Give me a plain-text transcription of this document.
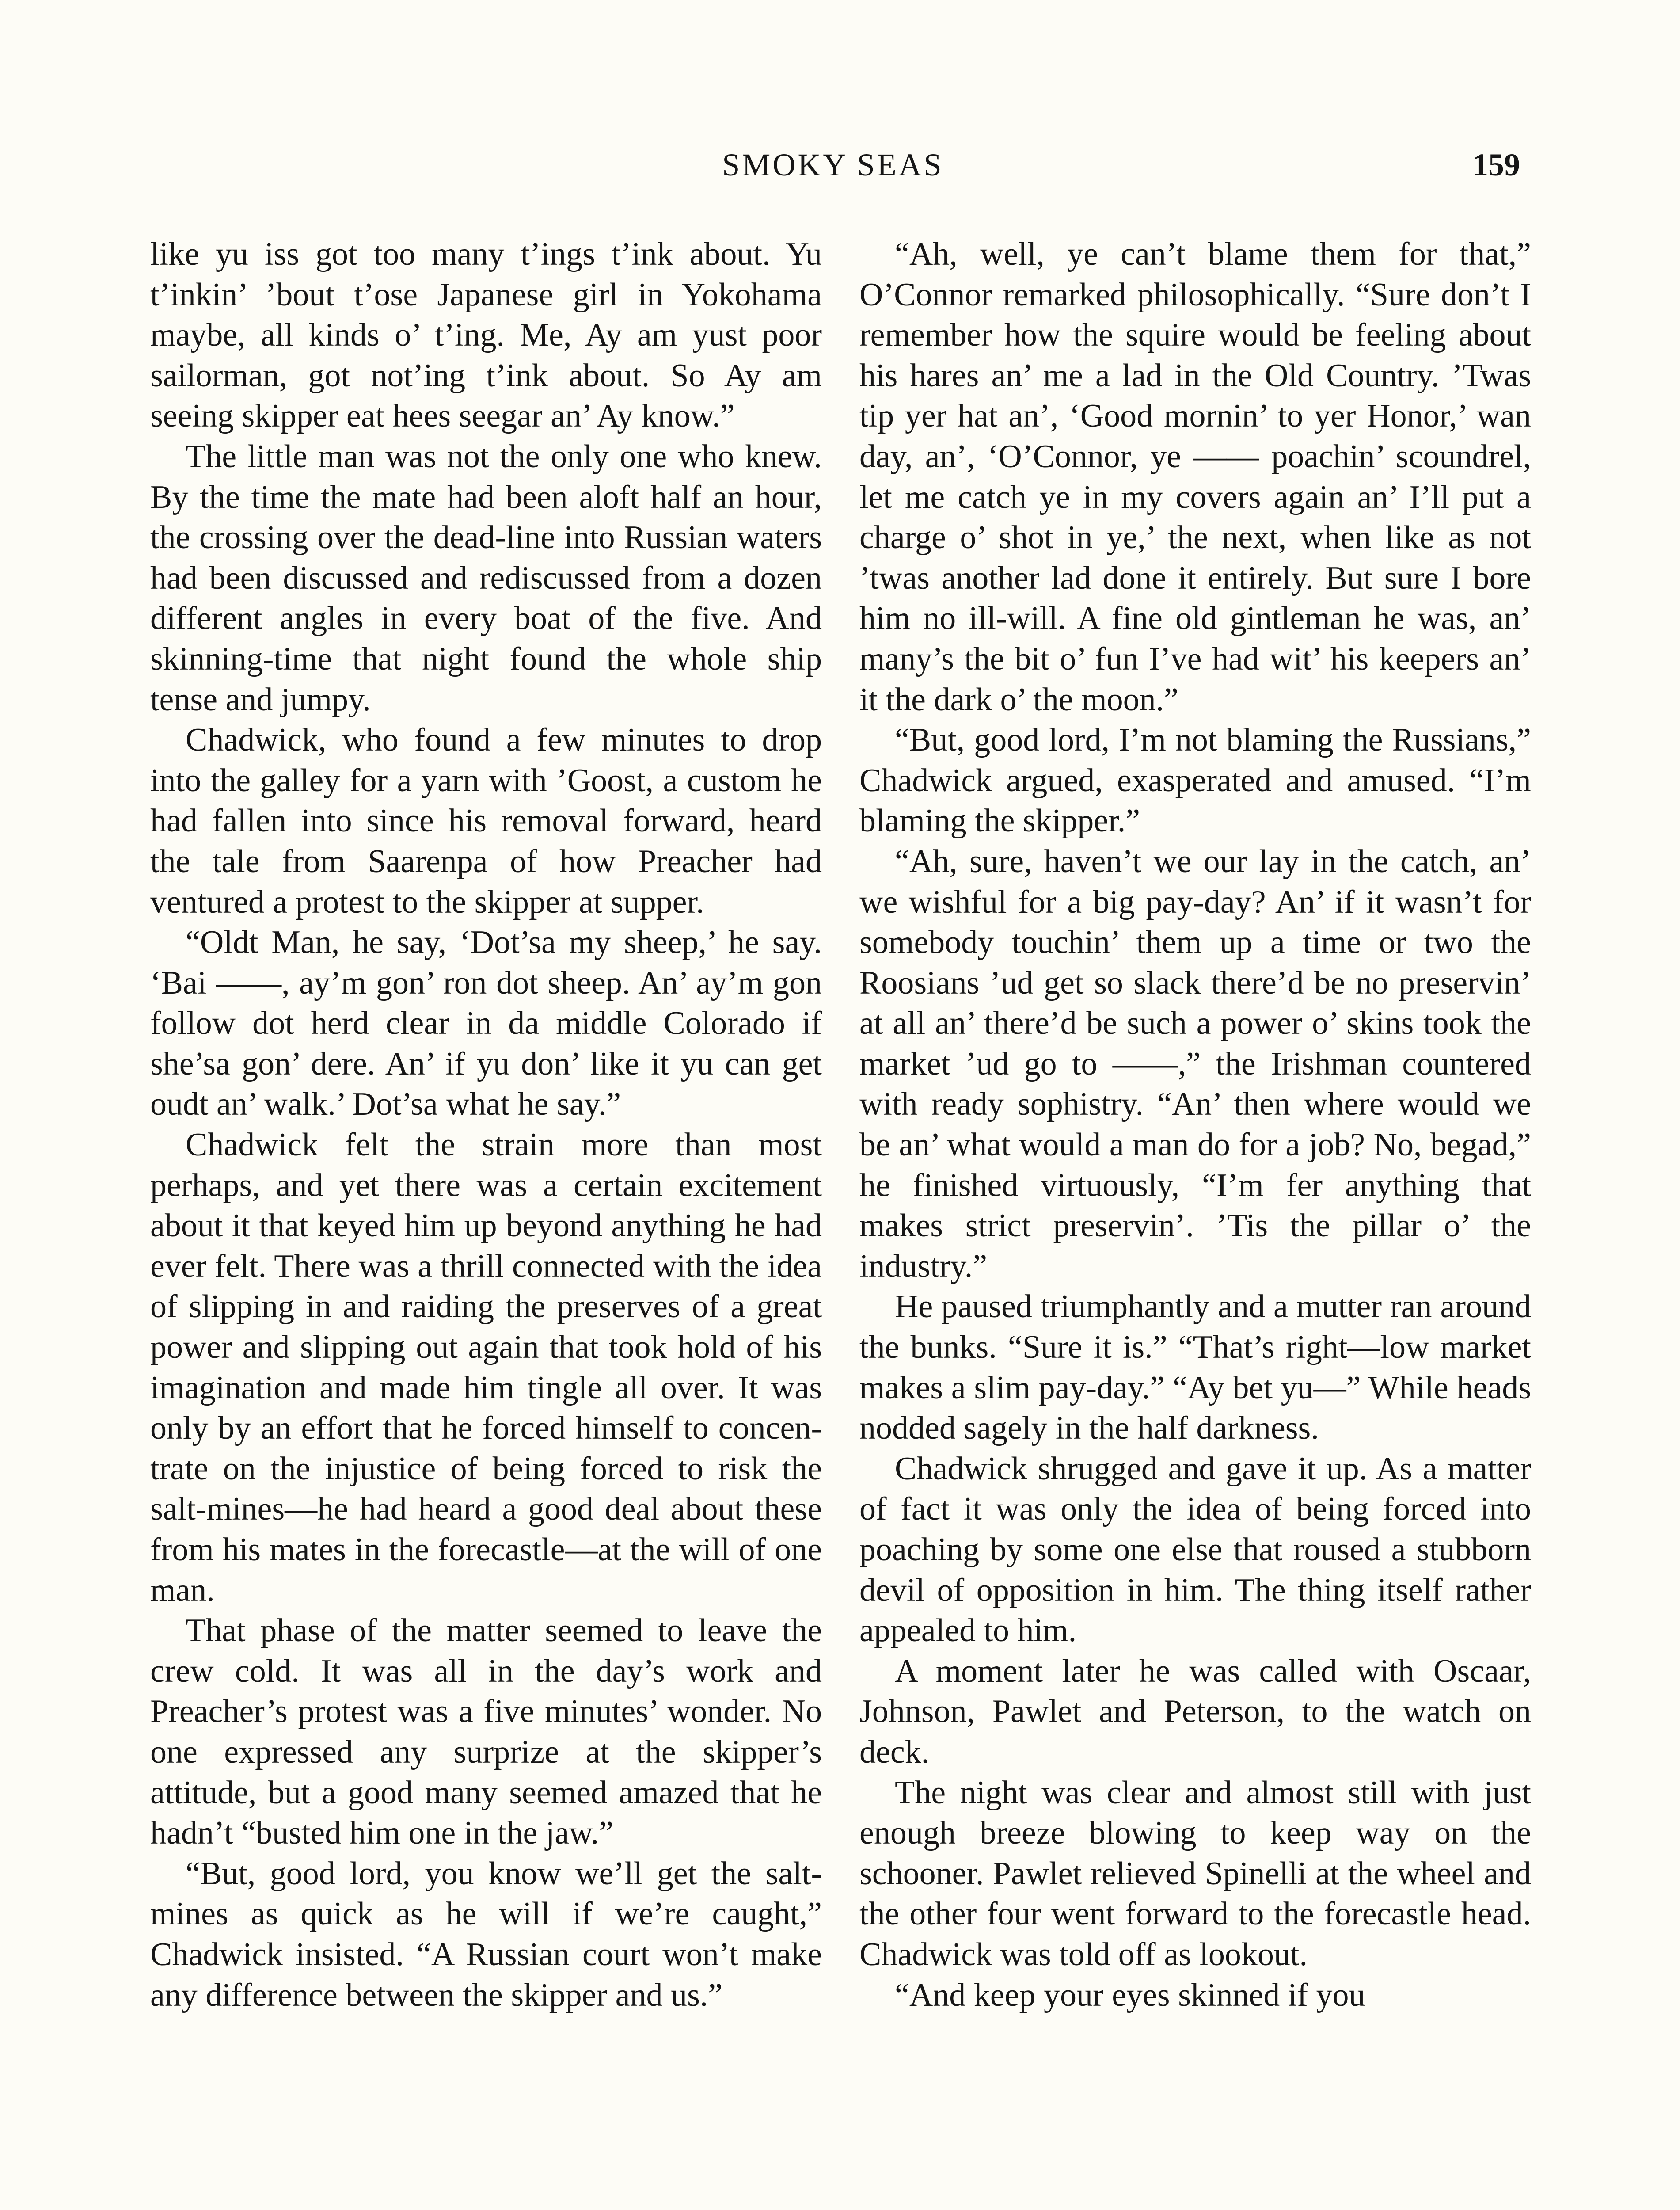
SMOKY SEAS	159

like yu iss got too many t’ings t’ink about. Yu t’inkin’ ’bout t’ose Japanese girl in Yokohama maybe, all kinds o’ t’ing. Me, Ay am yust poor sailorman, got not’ing t’ink about. So Ay am seeing skipper eat hees seegar an’ Ay know.”

The little man was not the only one who knew. By the time the mate had been aloft half an hour, the crossing over the dead-line into Russian waters had been discussed and rediscussed from a dozen different angles in every boat of the five. And skinning-time that night found the whole ship tense and jumpy.

Chadwick, who found a few minutes to drop into the galley for a yarn with ’Goost, a custom he had fallen into since his removal forward, heard the tale from Saarenpa of how Preacher had ventured a protest to the skipper at supper.

“Oldt Man, he say, ‘Dot’sa my sheep,’ he say. ‘Bai ——, ay’m gon’ ron dot sheep. An’ ay’m gon follow dot herd clear in da middle Colorado if she’sa gon’ dere. An’ if yu don’ like it yu can get oudt an’ walk.’ Dot’sa what he say.”

Chadwick felt the strain more than most perhaps, and yet there was a certain excitement about it that keyed him up beyond anything he had ever felt. There was a thrill connected with the idea of slipping in and raiding the preserves of a great power and slipping out again that took hold of his imagination and made him tingle all over. It was only by an effort that he forced himself to concentrate on the injustice of being forced to risk the salt-mines—he had heard a good deal about these from his mates in the forecastle—at the will of one man.

That phase of the matter seemed to leave the crew cold. It was all in the day’s work and Preacher’s protest was a five minutes’ wonder. No one expressed any surprize at the skipper’s attitude, but a good many seemed amazed that he hadn’t “busted him one in the jaw.”

“But, good lord, you know we’ll get the salt-mines as quick as he will if we’re caught,” Chadwick insisted. “A Russian court won’t make any difference between the skipper and us.”

“Ah, well, ye can’t blame them for that,” O’Connor remarked philosophically. “Sure don’t I remember how the squire would be feeling about his hares an’ me a lad in the Old Country. ’Twas tip yer hat an’, ‘Good mornin’ to yer Honor,’ wan day, an’, ‘O’Connor, ye —— poachin’ scoundrel, let me catch ye in my covers again an’ I’ll put a charge o’ shot in ye,’ the next, when like as not ’twas another lad done it entirely. But sure I bore him no ill-will. A fine old gintleman he was, an’ many’s the bit o’ fun I’ve had wit’ his keepers an’ it the dark o’ the moon.”

“But, good lord, I’m not blaming the Russians,” Chadwick argued, exasperated and amused. “I’m blaming the skipper.”

“Ah, sure, haven’t we our lay in the catch, an’ we wishful for a big pay-day? An’ if it wasn’t for somebody touchin’ them up a time or two the Roosians ’ud get so slack there’d be no preservin’ at all an’ there’d be such a power o’ skins took the market ’ud go to ——,” the Irishman countered with ready sophistry. “An’ then where would we be an’ what would a man do for a job? No, begad,” he finished virtuously, “I’m fer anything that makes strict preservin’. ’Tis the pillar o’ the industry.”

He paused triumphantly and a mutter ran around the bunks. “Sure it is.” “That’s right—low market makes a slim pay-day.” “Ay bet yu—” While heads nodded sagely in the half darkness.

Chadwick shrugged and gave it up. As a matter of fact it was only the idea of being forced into poaching by some one else that roused a stubborn devil of opposition in him. The thing itself rather appealed to him.

A moment later he was called with Oscaar, Johnson, Pawlet and Peterson, to the watch on deck.

The night was clear and almost still with just enough breeze blowing to keep way on the schooner. Pawlet relieved Spinelli at the wheel and the other four went forward to the forecastle head. Chadwick was told off as lookout.

“And keep your eyes skinned if you
